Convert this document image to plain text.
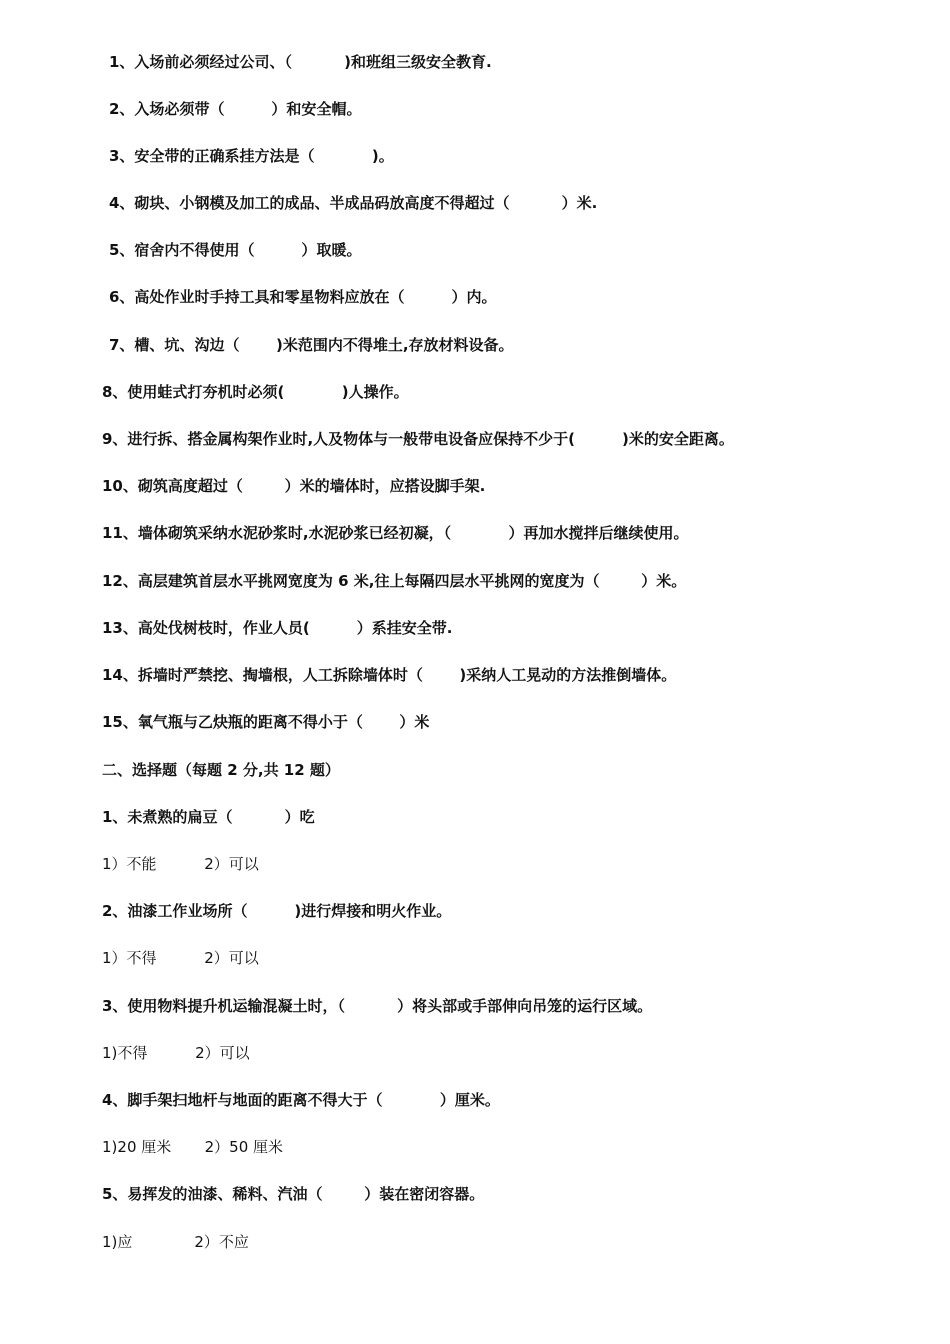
1、入场前必须经过公司、（          )和班组三级安全教育.
2、入场必须带（         ）和安全帽。
3、安全带的正确系挂方法是（           )。
4、砌块、小钢模及加工的成品、半成品码放高度不得超过（          ）米.
5、宿舍内不得使用（         ）取暖。
6、高处作业时手持工具和零星物料应放在（         ）内。
7、槽、坑、沟边（       )米范围内不得堆土,存放材料设备。
8、使用蛙式打夯机时必须(           )人操作。
9、进行拆、搭金属构架作业时,人及物体与一般带电设备应保持不少于(         )米的安全距离。
10、砌筑高度超过（        ）米的墙体时，应搭设脚手架.
11、墙体砌筑采纳水泥砂浆时,水泥砂浆已经初凝，（           ）再加水搅拌后继续使用。
12、高层建筑首层水平挑网宽度为 6 米,往上每隔四层水平挑网的宽度为（        ）米。
13、高处伐树枝时，作业人员(         ）系挂安全带.
14、拆墙时严禁挖、掏墙根，人工拆除墙体时（       )采纳人工晃动的方法推倒墙体。
15、氧气瓶与乙炔瓶的距离不得小于（       ）米
二、选择题（每题 2 分,共 12 题）
1、未煮熟的扁豆（          ）吃
1）不能          2）可以
2、油漆工作业场所（         )进行焊接和明火作业。
1）不得          2）可以
3、使用物料提升机运输混凝土时，（          ）将头部或手部伸向吊笼的运行区域。
1)不得          2）可以
4、脚手架扫地杆与地面的距离不得大于（           ）厘米。
1)20 厘米       2）50 厘米
5、易挥发的油漆、稀料、汽油（        ）装在密闭容器。
1)应             2）不应
